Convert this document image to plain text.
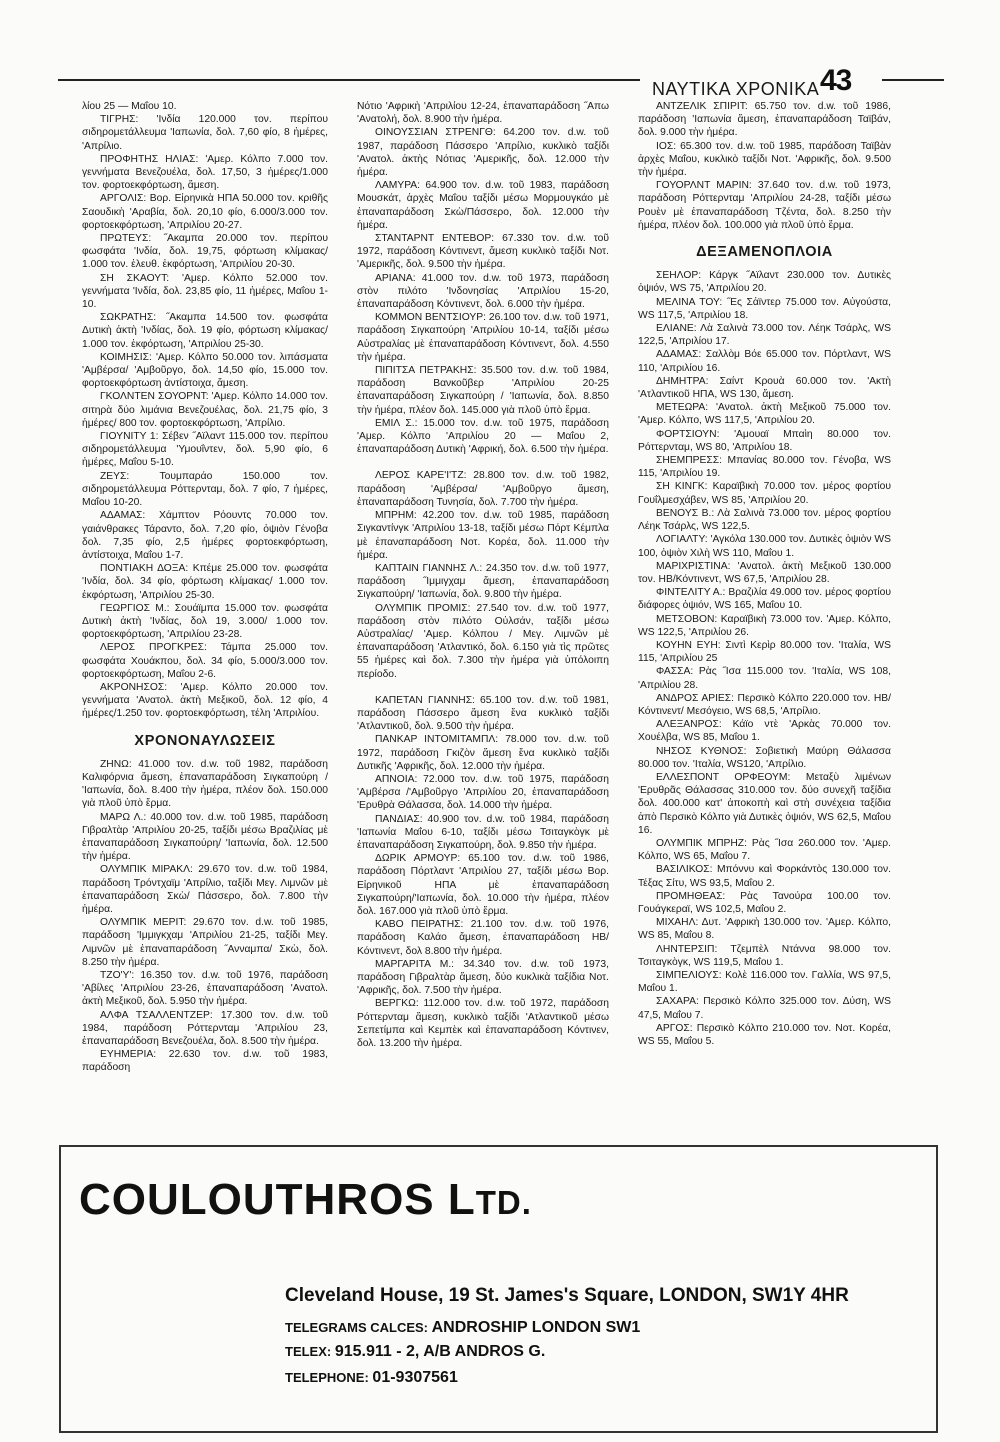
ΝΑΥΤΙΚΑ ΧΡΟΝΙΚΑ 43

λίου 25 — Μαΐου 10.

ΤΙΓΡΗΣ: 'Ινδία 120.000 τον. περίπου σιδηρομετάλλευμα 'Ιαπωνία, δολ. 7,60 φίο, 8 ἡμέρες, 'Απρίλιο.

ΠΡΟΦΗΤΗΣ ΗΛΙΑΣ: 'Αμερ. Κόλπο 7.000 τον. γεννήματα Βενεζουέλα, δολ. 17,50, 3 ἡμέρες/1.000 τον. φορτοεκφόρτωση, ἄμεση.

ΑΡΓΟΛΙΣ: Βορ. Εἰρηνικὰ ΗΠΑ 50.000 τον. κριθῆς Σαουδικὴ 'Αραβία, δολ. 20,10 φίο, 6.000/3.000 τον. φορτοεκφόρτωση, 'Απριλίου 20-27.

ΠΡΩΤΕΥΣ: ˝Ακαμπα 20.000 τον. περίπου φωσφάτα 'Ινδία, δολ. 19,75, φόρτωση κλίμακας/ 1.000 τον. ἐλευθ. ἐκφόρτωση, 'Απριλίου 20-30.

ΣΗ ΣΚΑΟΥΤ: 'Αμερ. Κόλπο 52.000 τον. γεννήματα 'Ινδία, δολ. 23,85 φίο, 11 ἡμέρες, Μαΐου 1-10.

ΣΩΚΡΑΤΗΣ: ˝Ακαμπα 14.500 τον. φωσφάτα Δυτικὴ ἀκτὴ 'Ινδίας, δολ. 19 φίο, φόρτωση κλίμακας/ 1.000 τον. ἐκφόρτωση, 'Απριλίου 25-30.

ΚΟΙΜΗΣΙΣ: 'Αμερ. Κόλπο 50.000 τον. λιπάσματα 'Αμβέρσα/ 'Αμβοῦργο, δολ. 14,50 φίο, 15.000 τον. φορτοεκφόρτωση ἀντίστοιχα, ἄμεση.

ΓΚΟΛΝΤΕΝ ΣΟΥΟΡΝΤ: 'Αμερ. Κόλπο 14.000 τον. σιτηρὰ δύο λιμάνια Βενεζουέλας, δολ. 21,75 φίο, 3 ἡμέρες/ 800 τον. φορτοεκφόρτωση, 'Απρίλιο.

ΓΙΟΥΝΙΤΥ 1: Σέβεν ˝Αϊλαντ 115.000 τον. περίπου σιδηρομετάλλευμα 'Υμουΐντεν, δολ. 5,90 φίο, 6 ἡμέρες, Μαΐου 5-10.

ΖΕΥΣ: Τουμπαράο 150.000 τον. σιδηρομετάλλευμα Ρόττερνταμ, δολ. 7 φίο, 7 ἡμέρες, Μαΐου 10-20.

ΑΔΑΜΑΣ: Χάμπτον Ρόουντς 70.000 τον. γαιάνθρακες Τάραντο, δολ. 7,20 φίο, ὀψιὸν Γένοβα δολ. 7,35 φίο, 2,5 ἡμέρες φορτοεκφόρτωση, ἀντίστοιχα, Μαΐου 1-7.

ΠΟΝΤΙΑΚΗ ΔΟΞΑ: Κπέμε 25.000 τον. φωσφάτα 'Ινδία, δολ. 34 φίο, φόρτωση κλίμακας/ 1.000 τον. ἐκφόρτωση, 'Απριλίου 25-30.

ΓΕΩΡΓΙΟΣ Μ.: Σουάϊμπα 15.000 τον. φωσφάτα Δυτικὴ ἀκτὴ 'Ινδίας, δολ 19, 3.000/ 1.000 τον. φορτοεκφόρτωση, 'Απριλίου 23-28.

ΛΕΡΟΣ ΠΡΟΓΚΡΕΣ: Τάμπα 25.000 τον. φωσφάτα Χουάκπου, δολ. 34 φίο, 5.000/3.000 τον. φορτοεκφόρτωση, Μαΐου 2-6.

ΑΚΡΟΝΗΣΟΣ: 'Αμερ. Κόλπο 20.000 τον. γεννήματα 'Ανατολ. ἀκτὴ Μεξικοῦ, δολ. 12 φίο, 4 ἡμέρες/1.250 τον. φορτοεκφόρτωση, τέλη 'Απριλίου.

ΧΡΟΝΟΝΑΥΛΩΣΕΙΣ

ΖΗΝΩ: 41.000 τον. d.w. τοῦ 1982, παράδοση Καλιφόρνια ἄμεση, ἐπαναπαράδοση Σιγκαπούρη / 'Ιαπωνία, δολ. 8.400 τὴν ἡμέρα, πλέον δολ. 150.000 γιὰ πλοῦ ὑπὸ ἔρμα.

ΜΑΡΩ Λ.: 40.000 τον. d.w. τοῦ 1985, παράδοση Γιβραλτὰρ 'Απριλίου 20-25, ταξίδι μέσω Βραζιλίας μὲ ἐπαναπαράδοση Σιγκαπούρη/ 'Ιαπωνία, δολ. 12.500 τὴν ἡμέρα.

ΟΛΥΜΠΙΚ ΜΙΡΑΚΛ: 29.670 τον. d.w. τοῦ 1984, παράδοση Τρόντχαϊμ 'Απρίλιο, ταξίδι Μεγ. Λιμνῶν μὲ ἐπαναπαράδοση Σκὼ/ Πάσσερο, δολ. 7.800 τὴν ἡμέρα.

ΟΛΥΜΠΙΚ ΜΕΡΙΤ: 29.670 τον. d.w. τοῦ 1985, παράδοση 'Ιμμιγκχαμ 'Απριλίου 21-25, ταξίδι Μεγ. Λιμνῶν μὲ ἐπαναπαράδοση ˝Ανναμπα/ Σκὼ, δολ. 8.250 τὴν ἡμέρα.

ΤΖΟ'Υ': 16.350 τον. d.w. τοῦ 1976, παράδοση 'Αβίλες 'Απριλίου 23-26, ἐπαναπαράδοση 'Ανατολ. ἀκτὴ Μεξικοῦ, δολ. 5.950 τὴν ἡμέρα.

ΑΛΦΑ ΤΣΑΛΛΕΝΤΖΕΡ: 17.300 τον. d.w. τοῦ 1984, παράδοση Ρόττερνταμ 'Απριλίου 23, ἐπαναπαράδοση Βενεζουέλα, δολ. 8.500 τὴν ἡμέρα.

ΕΥΗΜΕΡΙΑ: 22.630 τον. d.w. τοῦ 1983, παράδοση

Νότιο 'Αφρικὴ 'Απριλίου 12-24, ἐπαναπαράδοση ˝Απω 'Ανατολή, δολ. 8.900 τὴν ἡμέρα.

ΟΙΝΟΥΣΣΙΑΝ ΣΤΡΕΝΓΘ: 64.200 τον. d.w. τοῦ 1987, παράδοση Πάσσερο 'Απρίλιο, κυκλικὸ ταξίδι 'Ανατολ. ἀκτὴς Νότιας 'Αμερικῆς, δολ. 12.000 τὴν ἡμέρα.

ΛΑΜΥΡΑ: 64.900 τον. d.w. τοῦ 1983, παράδοση Μουσκάτ, ἀρχὲς Μαΐου ταξίδι μέσω Μορμουγκάο μὲ ἐπαναπαράδοση Σκὼ/Πάσσερο, δολ. 12.000 τὴν ἡμέρα.

ΣΤΑΝΤΑΡΝΤ ΕΝΤΕΒΟΡ: 67.330 τον. d.w. τοῦ 1972, παράδοση Κόντινεντ, ἄμεση κυκλικὸ ταξίδι Νοτ. 'Αμερικῆς, δολ. 9.500 τὴν ἡμέρα.

ΑΡΙΑΝΑ: 41.000 τον. d.w. τοῦ 1973, παράδοση στὸν πιλότο 'Ινδονησίας 'Απριλίου 15-20, ἐπαναπαράδοση Κόντινεντ, δολ. 6.000 τὴν ἡμέρα.

ΚΟΜΜΟΝ ΒΕΝΤΣΙΟΥΡ: 26.100 τον. d.w. τοῦ 1971, παράδοση Σιγκαπούρη 'Απριλίου 10-14, ταξίδι μέσω Αὐστραλίας μὲ ἐπαναπαράδοση Κόντινεντ, δολ. 4.550 τὴν ἡμέρα.

ΠΙΠΙΤΣΑ ΠΕΤΡΑΚΗΣ: 35.500 τον. d.w. τοῦ 1984, παράδοση Βανκοῦβερ 'Απριλίου 20-25 ἐπαναπαράδοση Σιγκαπούρη / 'Ιαπωνία, δολ. 8.850 τὴν ἡμέρα, πλέον δολ. 145.000 γιὰ πλοῦ ὑπὸ ἔρμα.

ΕΜΙΛ Σ.: 15.000 τον. d.w. τοῦ 1975, παράδοση 'Αμερ. Κόλπο 'Απριλίου 20 — Μαΐου 2, ἐπαναπαράδοση Δυτικὴ 'Αφρική, δολ. 6.500 τὴν ἡμέρα.

ΛΕΡΟΣ ΚΑΡΕ'Ι'ΤΖ: 28.800 τον. d.w. τοῦ 1982, παράδοση 'Αμβέρσα/ 'Αμβοῦργο ἄμεση, ἐπαναπαράδοση Τυνησία, δολ. 7.700 τὴν ἡμέρα.

ΜΠΡΗΜ: 42.200 τον. d.w. τοῦ 1985, παράδοση Σιγκαντίνγκ 'Απριλίου 13-18, ταξίδι μέσω Πόρτ Κέμπλα μὲ ἐπαναπαράδοση Νοτ. Κορέα, δολ. 11.000 τὴν ἡμέρα.

ΚΑΠΤΑΙΝ ΓΙΑΝΝΗΣ Λ.: 24.350 τον. d.w. τοῦ 1977, παράδοση ˝Ιμμιγχαμ ἄμεση, ἐπαναπαράδοση Σιγκαπούρη/ 'Ιαπωνία, δολ. 9.800 τὴν ἡμέρα.

ΟΛΥΜΠΙΚ ΠΡΟΜΙΣ: 27.540 τον. d.w. τοῦ 1977, παράδοση στὸν πιλότο Οὐλσάν, ταξίδι μέσω Αὐστραλίας/ 'Αμερ. Κόλπου / Μεγ. Λιμνῶν μὲ ἐπαναπαράδοση 'Ατλαντικό, δολ. 6.150 γιὰ τὶς πρῶτες 55 ἡμέρες καὶ δολ. 7.300 τὴν ἡμέρα γιὰ ὑπόλοιπη περίοδο.

ΚΑΠΕΤΑΝ ΓΙΑΝΝΗΣ: 65.100 τον. d.w. τοῦ 1981, παράδοση Πάσσερο ἄμεση ἕνα κυκλικὸ ταξίδι 'Ατλαντικοῦ, δολ. 9.500 τὴν ἡμέρα.

ΠΑΝΚΑΡ ΙΝΤΟΜΙΤΑΜΠΛ: 78.000 τον. d.w. τοῦ 1972, παράδοση Γκιζὸν ἄμεση ἕνα κυκλικὸ ταξίδι Δυτικῆς 'Αφρικῆς, δολ. 12.000 τὴν ἡμέρα.

ΑΠΝΟΙΑ: 72.000 τον. d.w. τοῦ 1975, παράδοση 'Αμβέρσα /'Αμβοῦργο 'Απριλίου 20, ἐπαναπαράδοση 'Ερυθρὰ Θάλασσα, δολ. 14.000 τὴν ἡμέρα.

ΠΑΝΔΙΑΣ: 40.900 τον. d.w. τοῦ 1984, παράδοση 'Ιαπωνία Μαΐου 6-10, ταξίδι μέσω Τσιταγκὸγκ μὲ ἐπαναπαράδοση Σιγκαπούρη, δολ. 9.850 τὴν ἡμέρα.

ΔΩΡΙΚ ΑΡΜΟΥΡ: 65.100 τον. d.w. τοῦ 1986, παράδοση Πόρτλαντ 'Απριλίου 27, ταξίδι μέσω Βορ. Εἰρηνικοῦ ΗΠΑ μὲ ἐπαναπαράδοση Σιγκαπούρη/'Ιαπωνία, δολ. 10.000 τὴν ἡμέρα, πλέον δολ. 167.000 γιὰ πλοῦ ὑπὸ ἔρμα.

ΚΑΒΟ ΠΕΙΡΑΤΗΣ: 21.100 τον. d.w. τοῦ 1976, παράδοση Καλάο ἄμεση, ἐπαναπαράδοση ΗΒ/Κόντινεντ, δολ 8.800 τὴν ἡμέρα.

ΜΑΡΓΑΡΙΤΑ Μ.: 34.340 τον. d.w. τοῦ 1973, παράδοση Γιβραλτὰρ ἄμεση, δύο κυκλικὰ ταξίδια Νοτ. 'Αφρικῆς, δολ. 7.500 τὴν ἡμέρα.

ΒΕΡΓΚΩ: 112.000 τον. d.w. τοῦ 1972, παράδοση Ρόττερνταμ ἄμεση, κυκλικὸ ταξίδι 'Ατλαντικοῦ μέσω Σεπετίμπα καὶ Κεμπὲκ καὶ ἐπαναπαράδοση Κόντινεν, δολ. 13.200 τὴν ἡμέρα.

ΑΝΤΖΕΛΙΚ ΣΠΙΡΙΤ: 65.750 τον. d.w. τοῦ 1986, παράδοση 'Ιαπωνία ἄμεση, ἐπαναπαράδοση Ταϊβάν, δολ. 9.000 τὴν ἡμέρα.

ΙΟΣ: 65.300 τον. d.w. τοῦ 1985, παράδοση Ταϊβὰν ἀρχὲς Μαΐου, κυκλικὸ ταξίδι Νοτ. 'Αφρικῆς, δολ. 9.500 τὴν ἡμέρα.

ΓΟΥΟΡΛΝΤ ΜΑΡΙΝ: 37.640 τον. d.w. τοῦ 1973, παράδοση Ρόττερνταμ 'Απριλίου 24-28, ταξίδι μέσω Ρουὲν μὲ ἐπαναπαράδοση Τζέντα, δολ. 8.250 τὴν ἡμέρα, πλέον δολ. 100.000 γιὰ πλοῦ ὑπὸ ἔρμα.

ΔΕΞΑΜΕΝΟΠΛΟΙΑ

ΣΕΗΛΟΡ: Κάργκ ˝Αϊλαντ 230.000 τον. Δυτικὲς ὀψιόν, WS 75, 'Απριλίου 20.

ΜΕΛΙΝΑ ΤΟΥ: ˝Ες Σἀϊντερ 75.000 τον. Αὐγούστα, WS 117,5, 'Απριλίου 18.

ΕΛΙΑΝΕ: Λὰ Σαλινὰ 73.000 τον. Λέηκ Τσάρλς, WS 122,5, 'Απριλίου 17.

ΑΔΑΜΑΣ: Σαλλὸμ Βόε 65.000 τον. Πόρτλαντ, WS 110, 'Απριλίου 16.

ΔΗΜΗΤΡΑ: Σαίντ Κρουὰ 60.000 τον. 'Ακτὴ 'Ατλαντικοῦ ΗΠΑ, WS 130, ἄμεση.

ΜΕΤΕΩΡΑ: 'Ανατολ. ἀκτὴ Μεξικοῦ 75.000 τον. 'Αμερ. Κόλπο, WS 117,5, 'Απριλίου 20.

ΦΟΡΤΣΙΟΥΝ: 'Αμουαϊ Μπαὶη 80.000 τον. Ρόττερνταμ, WS 80, 'Απριλίου 18.

ΣΗΕΜΠΡΕΣΣ: Μπανίας 80.000 τον. Γένοβα, WS 115, 'Απριλίου 19.

ΣΗ ΚΙΝΓΚ: Καραϊβικὴ 70.000 τον. μέρος φορτίου Γουΐλμεσχάβεν, WS 85, 'Απριλίου 20.

ΒΕΝΟΥΣ Β.: Λὰ Σαλινὰ 73.000 τον. μέρος φορτίου Λέηκ Τσάρλς, WS 122,5.

ΛΟΓΙΑΛΤΥ: 'Αγκόλα 130.000 τον. Δυτικὲς ὀψιὸν WS 100, ὀψιὸν Χιλὴ WS 110, Μαΐου 1.

ΜΑΡΙΧΡΙΣΤΙΝΑ: 'Ανατολ. ἀκτὴ Μεξικοῦ 130.000 τον. ΗΒ/Κόντινεντ, WS 67,5, 'Απριλίου 28.

ΦΙΝΤΕΛΙΤΥ Α.: Βραζιλία 49.000 τον. μέρος φορτίου διάφορες ὀψιόν, WS 165, Μαΐου 10.

ΜΕΤΣΟΒΟΝ: Καραϊβικὴ 73.000 τον. 'Αμερ. Κόλπο, WS 122,5, 'Απριλίου 26.

ΚΟΥΗΝ ΕΥΗ: Σιντὶ Κερὶρ 80.000 τον. 'Ιταλία, WS 115, 'Απριλίου 25

ΦΑΣΣΑ: Ρὰς ˝Ισα 115.000 τον. 'Ιταλία, WS 108, 'Απριλίου 28.

ΑΝΔΡΟΣ ΑΡΙΕΣ: Περσικὸ Κόλπο 220.000 τον. ΗΒ/Κόντινεντ/ Μεσόγειο, WS 68,5, 'Απρίλιο.

ΑΛΕΞΑΝΡΟΣ: Κάϊο ντὲ 'Αρκὰς 70.000 τον. Χουέλβα, WS 85, Μαΐου 1.

ΝΗΣΟΣ ΚΥΘΝΟΣ: Σοβιετικὴ Μαύρη Θάλασσα 80.000 τον. 'Ιταλία, WS120, 'Απρίλιο.

ΕΛΛΕΣΠΟΝΤ ΟΡΦΕΟΥΜ: Μεταξὺ λιμένων 'Ερυθρᾶς Θάλασσας 310.000 τον. δύο συνεχῆ ταξίδια δολ. 400.000 κατ' ἀποκοπὴ καὶ στὴ συνέχεια ταξίδια ἀπὸ Περσικὸ Κόλπο γιὰ Δυτικὲς ὀψιόν, WS 62,5, Μαΐου 16.

ΟΛΥΜΠΙΚ ΜΠΡΗΖ: Ρὰς ˝Ισα 260.000 τον. 'Αμερ. Κόλπο, WS 65, Μαΐου 7.

ΒΑΣΙΛΙΚΟΣ: Μπόννυ καὶ Φορκάντὸς 130.000 τον. Τέξας Σίτυ, WS 93,5, Μαΐου 2.

ΠΡΟΜΗΘΕΑΣ: Ρὰς Τανούρα 100.00 τον. Γουάγκεραϊ, WS 102,5, Μαΐου 2.

ΜΙΧΑΗΛ: Δυτ. 'Αφρικὴ 130.000 τον. 'Αμερ. Κόλπο, WS 85, Μαΐου 8.

ΛΗΝΤΕΡΣΙΠ: Τζεμπὲλ Ντάννα 98.000 τον. Τσιταγκὸγκ, WS 119,5, Μαΐου 1.

ΣΙΜΠΕΛΙΟΥΣ: Κολὲ 116.000 τον. Γαλλία, WS 97,5, Μαΐου 1.

ΣΑΧΑΡΑ: Περσικὸ Κόλπο 325.000 τον. Δύση, WS 47,5, Μαΐου 7.

ΑΡΓΟΣ: Περσικὸ Κόλπο 210.000 τον. Νοτ. Κορέα, WS 55, Μαΐου 5.

COULOUTHROS LTD.
Cleveland House, 19 St. James's Square, LONDON, SW1Y 4HR
TELEGRAMS CALCES: ANDROSHIP LONDON SW1
TELEX: 915.911 - 2, A/B ANDROS G.
TELEPHONE: 01-9307561
